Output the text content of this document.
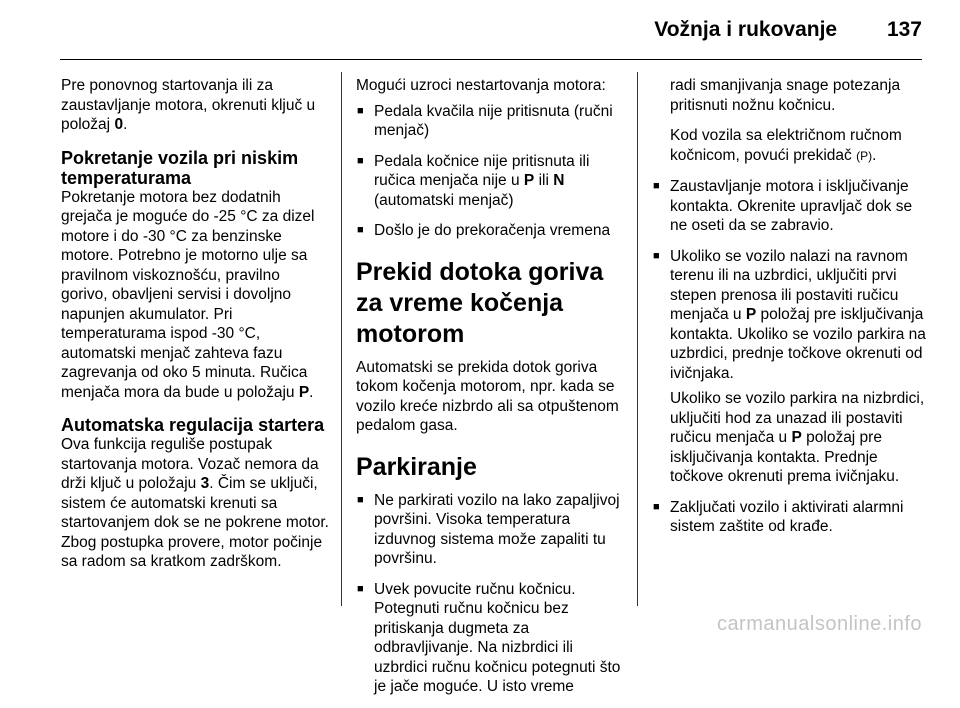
Vožnja i rukovanje 137

Pre ponovnog startovanja ili za zaustavljanje motora, okrenuti ključ u položaj 0.

Pokretanje vozila pri niskim temperaturama

Pokretanje motora bez dodatnih grejača je moguće do -25 °C za dizel motore i do -30 °C za benzinske motore. Potrebno je motorno ulje sa pravilnom viskoznošću, pravilno gorivo, obavljeni servisi i dovoljno napunjen akumulator. Pri temperaturama ispod -30 °C, automatski menjač zahteva fazu zagrevanja od oko 5 minuta. Ručica menjača mora da bude u položaju P.

Automatska regulacija startera

Ova funkcija reguliše postupak startovanja motora. Vozač nemora da drži ključ u položaju 3. Čim se uključi, sistem će automatski krenuti sa startovanjem dok se ne pokrene motor. Zbog postupka provere, motor počinje sa radom sa kratkom zadrškom.

Mogući uzroci nestartovanja motora:

■ Pedala kvačila nije pritisnuta (ručni menjač)
■ Pedala kočnice nije pritisnuta ili ručica menjača nije u P ili N (automatski menjač)
■ Došlo je do prekoračenja vremena
Prekid dotoka goriva za vreme kočenja motorom

Automatski se prekida dotok goriva tokom kočenja motorom, npr. kada se vozilo kreće nizbrdo ali sa otpuštenom pedalom gasa.

Parkiranje
■ Ne parkirati vozilo na lako zapaljivoj površini. Visoka temperatura izduvnog sistema može zapaliti tu površinu.
■ Uvek povucite ručnu kočnicu. Potegnuti ručnu kočnicu bez pritiskanja dugmeta za odbravljivanje. Na nizbrdici ili uzbrdici ručnu kočnicu potegnuti što je jače moguće. U isto vreme

radi smanjivanja snage potezanja pritisnuti nožnu kočnicu.

Kod vozila sa električnom ručnom kočnicom, povući prekidač (P).

■ Zaustavljanje motora i isključivanje kontakta. Okrenite upravljač dok se ne oseti da se zabravio.
■ Ukoliko se vozilo nalazi na ravnom terenu ili na uzbrdici, uključiti prvi stepen prenosa ili postaviti ručicu menjača u P položaj pre isključivanja kontakta. Ukoliko se vozilo parkira na uzbrdici, prednje točkove okrenuti od ivičnjaka.
Ukoliko se vozilo parkira na nizbrdici, uključiti hod za unazad ili postaviti ručicu menjača u P položaj pre isključivanja kontakta. Prednje točkove okrenuti prema ivičnjaku.
■ Zaključati vozilo i aktivirati alarmni sistem zaštite od krađe.
carmanualsonline.info
